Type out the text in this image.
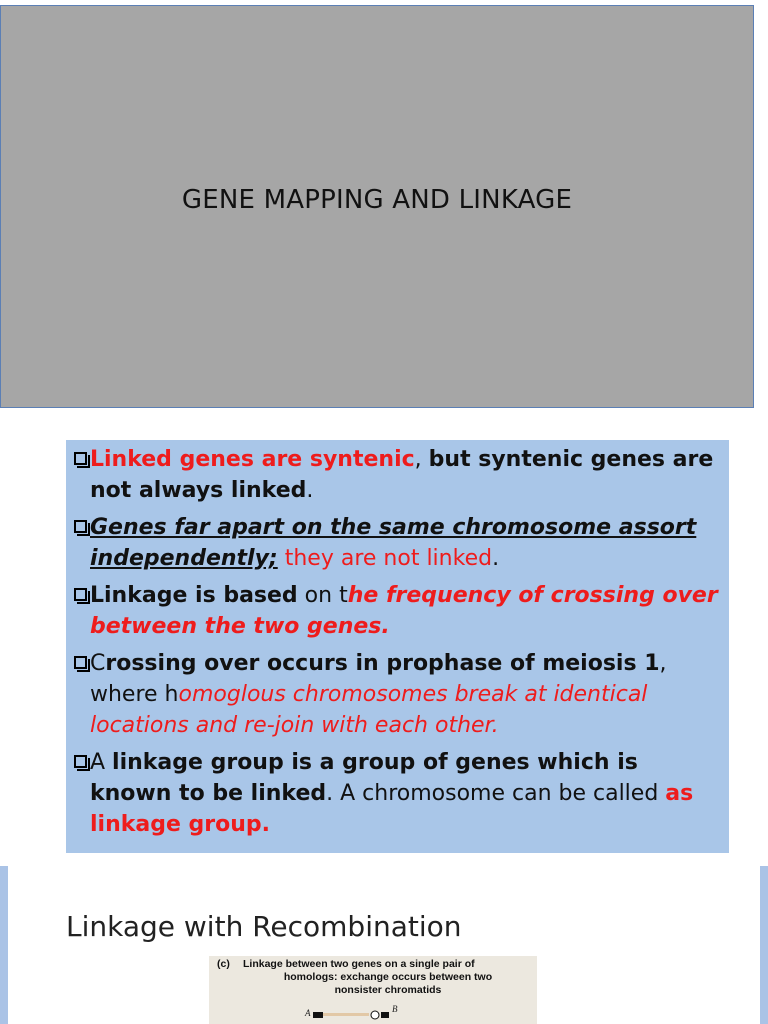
GENE MAPPING AND LINKAGE
Linked genes are syntenic, but syntenic genes are not always linked.
Genes far apart on the same chromosome assort independently; they are not linked.
Linkage is based on the frequency of crossing over between the two genes.
Crossing over occurs in prophase of meiosis 1, where homoglous chromosomes break at identical locations and re-join with each other.
A linkage group is a group of genes which is known to be linked. A chromosome can be called as linkage group.
Linkage with Recombination
(c) Linkage between two genes on a single pair of
homologs: exchange occurs between two
nonsister chromatids
A	B
